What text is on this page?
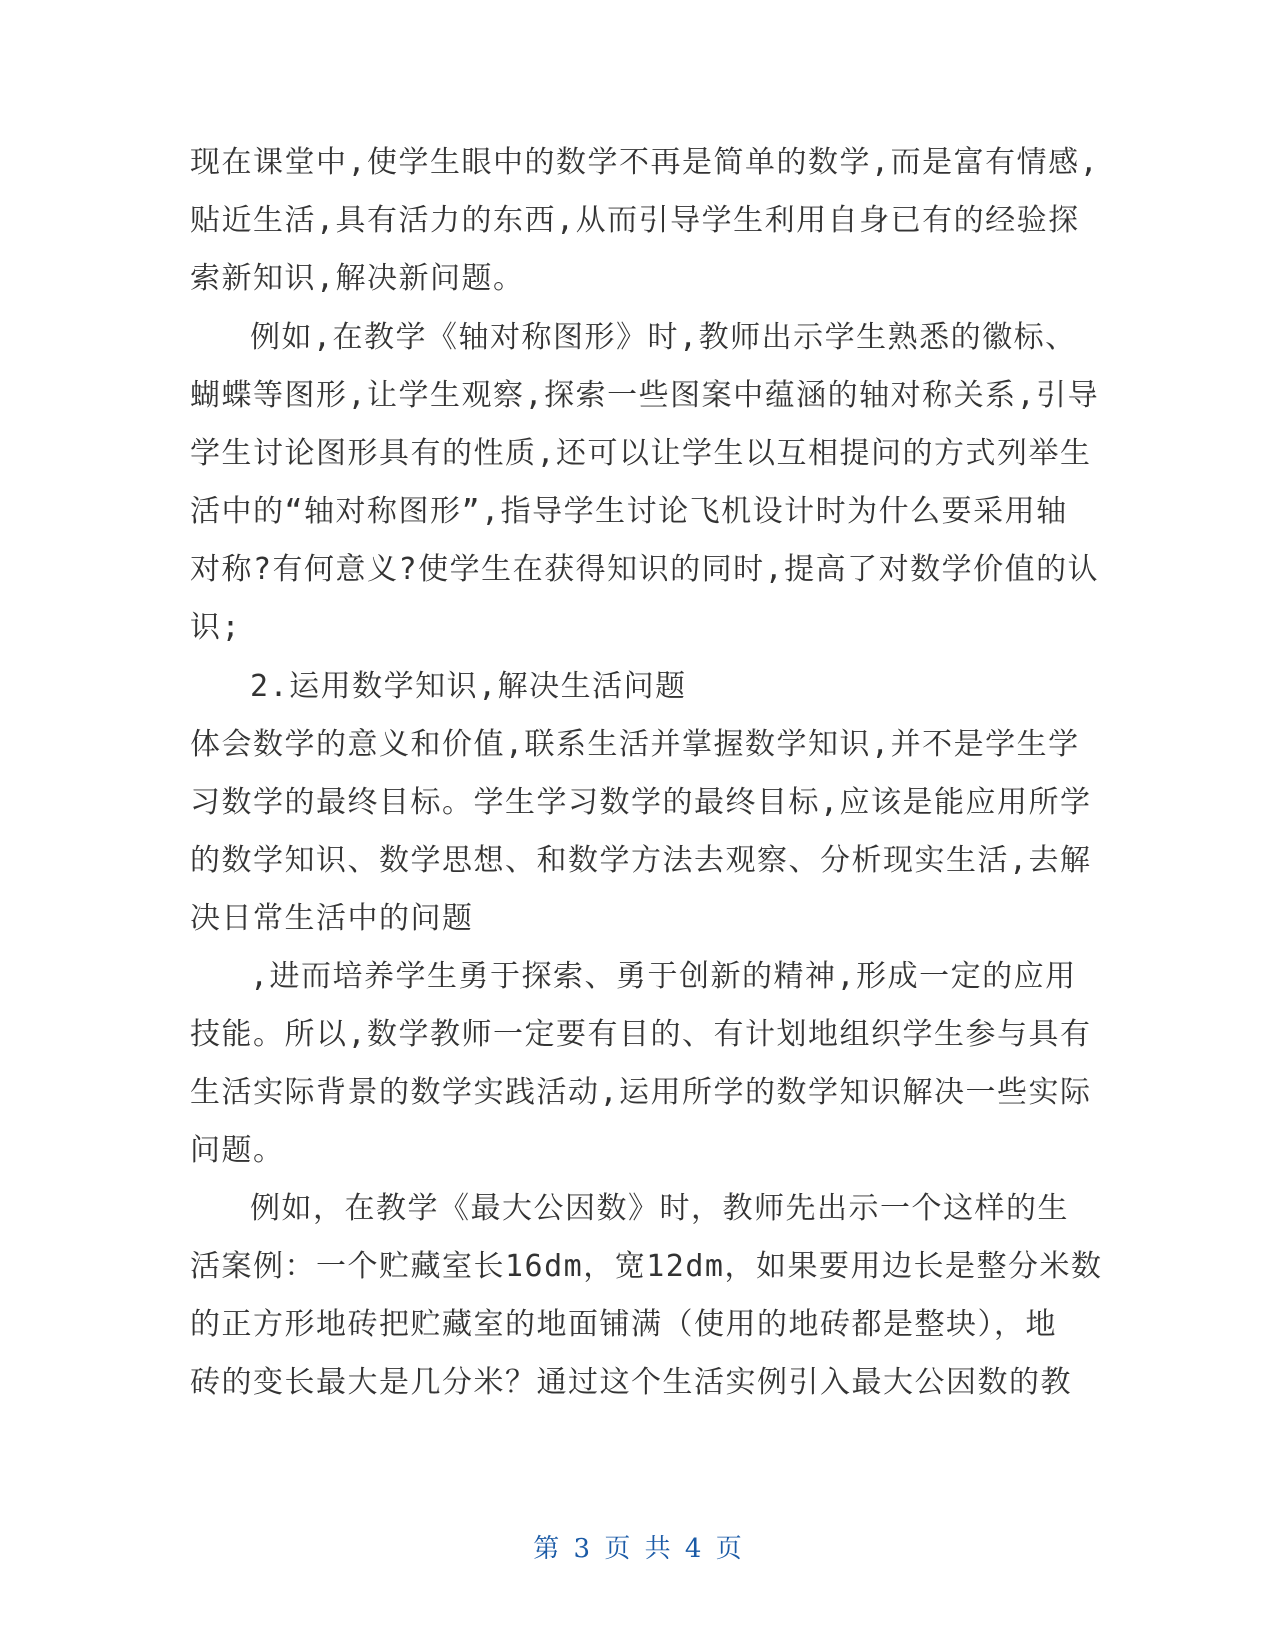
现在课堂中,使学生眼中的数学不再是简单的数学,而是富有情感,
贴近生活,具有活力的东西,从而引导学生利用自身已有的经验探
索新知识,解决新问题。
例如,在教学《轴对称图形》时,教师出示学生熟悉的徽标、
蝴蝶等图形,让学生观察,探索一些图案中蕴涵的轴对称关系,引导
学生讨论图形具有的性质,还可以让学生以互相提问的方式列举生
活中的“轴对称图形”,指导学生讨论飞机设计时为什么要采用轴
对称?有何意义?使学生在获得知识的同时,提高了对数学价值的认
识;
2.运用数学知识,解决生活问题
体会数学的意义和价值,联系生活并掌握数学知识,并不是学生学
习数学的最终目标。学生学习数学的最终目标,应该是能应用所学
的数学知识、数学思想、和数学方法去观察、分析现实生活,去解
决日常生活中的问题
,进而培养学生勇于探索、勇于创新的精神,形成一定的应用
技能。所以,数学教师一定要有目的、有计划地组织学生参与具有
生活实际背景的数学实践活动,运用所学的数学知识解决一些实际
问题。
例如，在教学《最大公因数》时，教师先出示一个这样的生
活案例：一个贮藏室长16dm，宽12dm，如果要用边长是整分米数
的正方形地砖把贮藏室的地面铺满（使用的地砖都是整块），地
砖的变长最大是几分米？通过这个生活实例引入最大公因数的教
第 3 页 共 4 页
